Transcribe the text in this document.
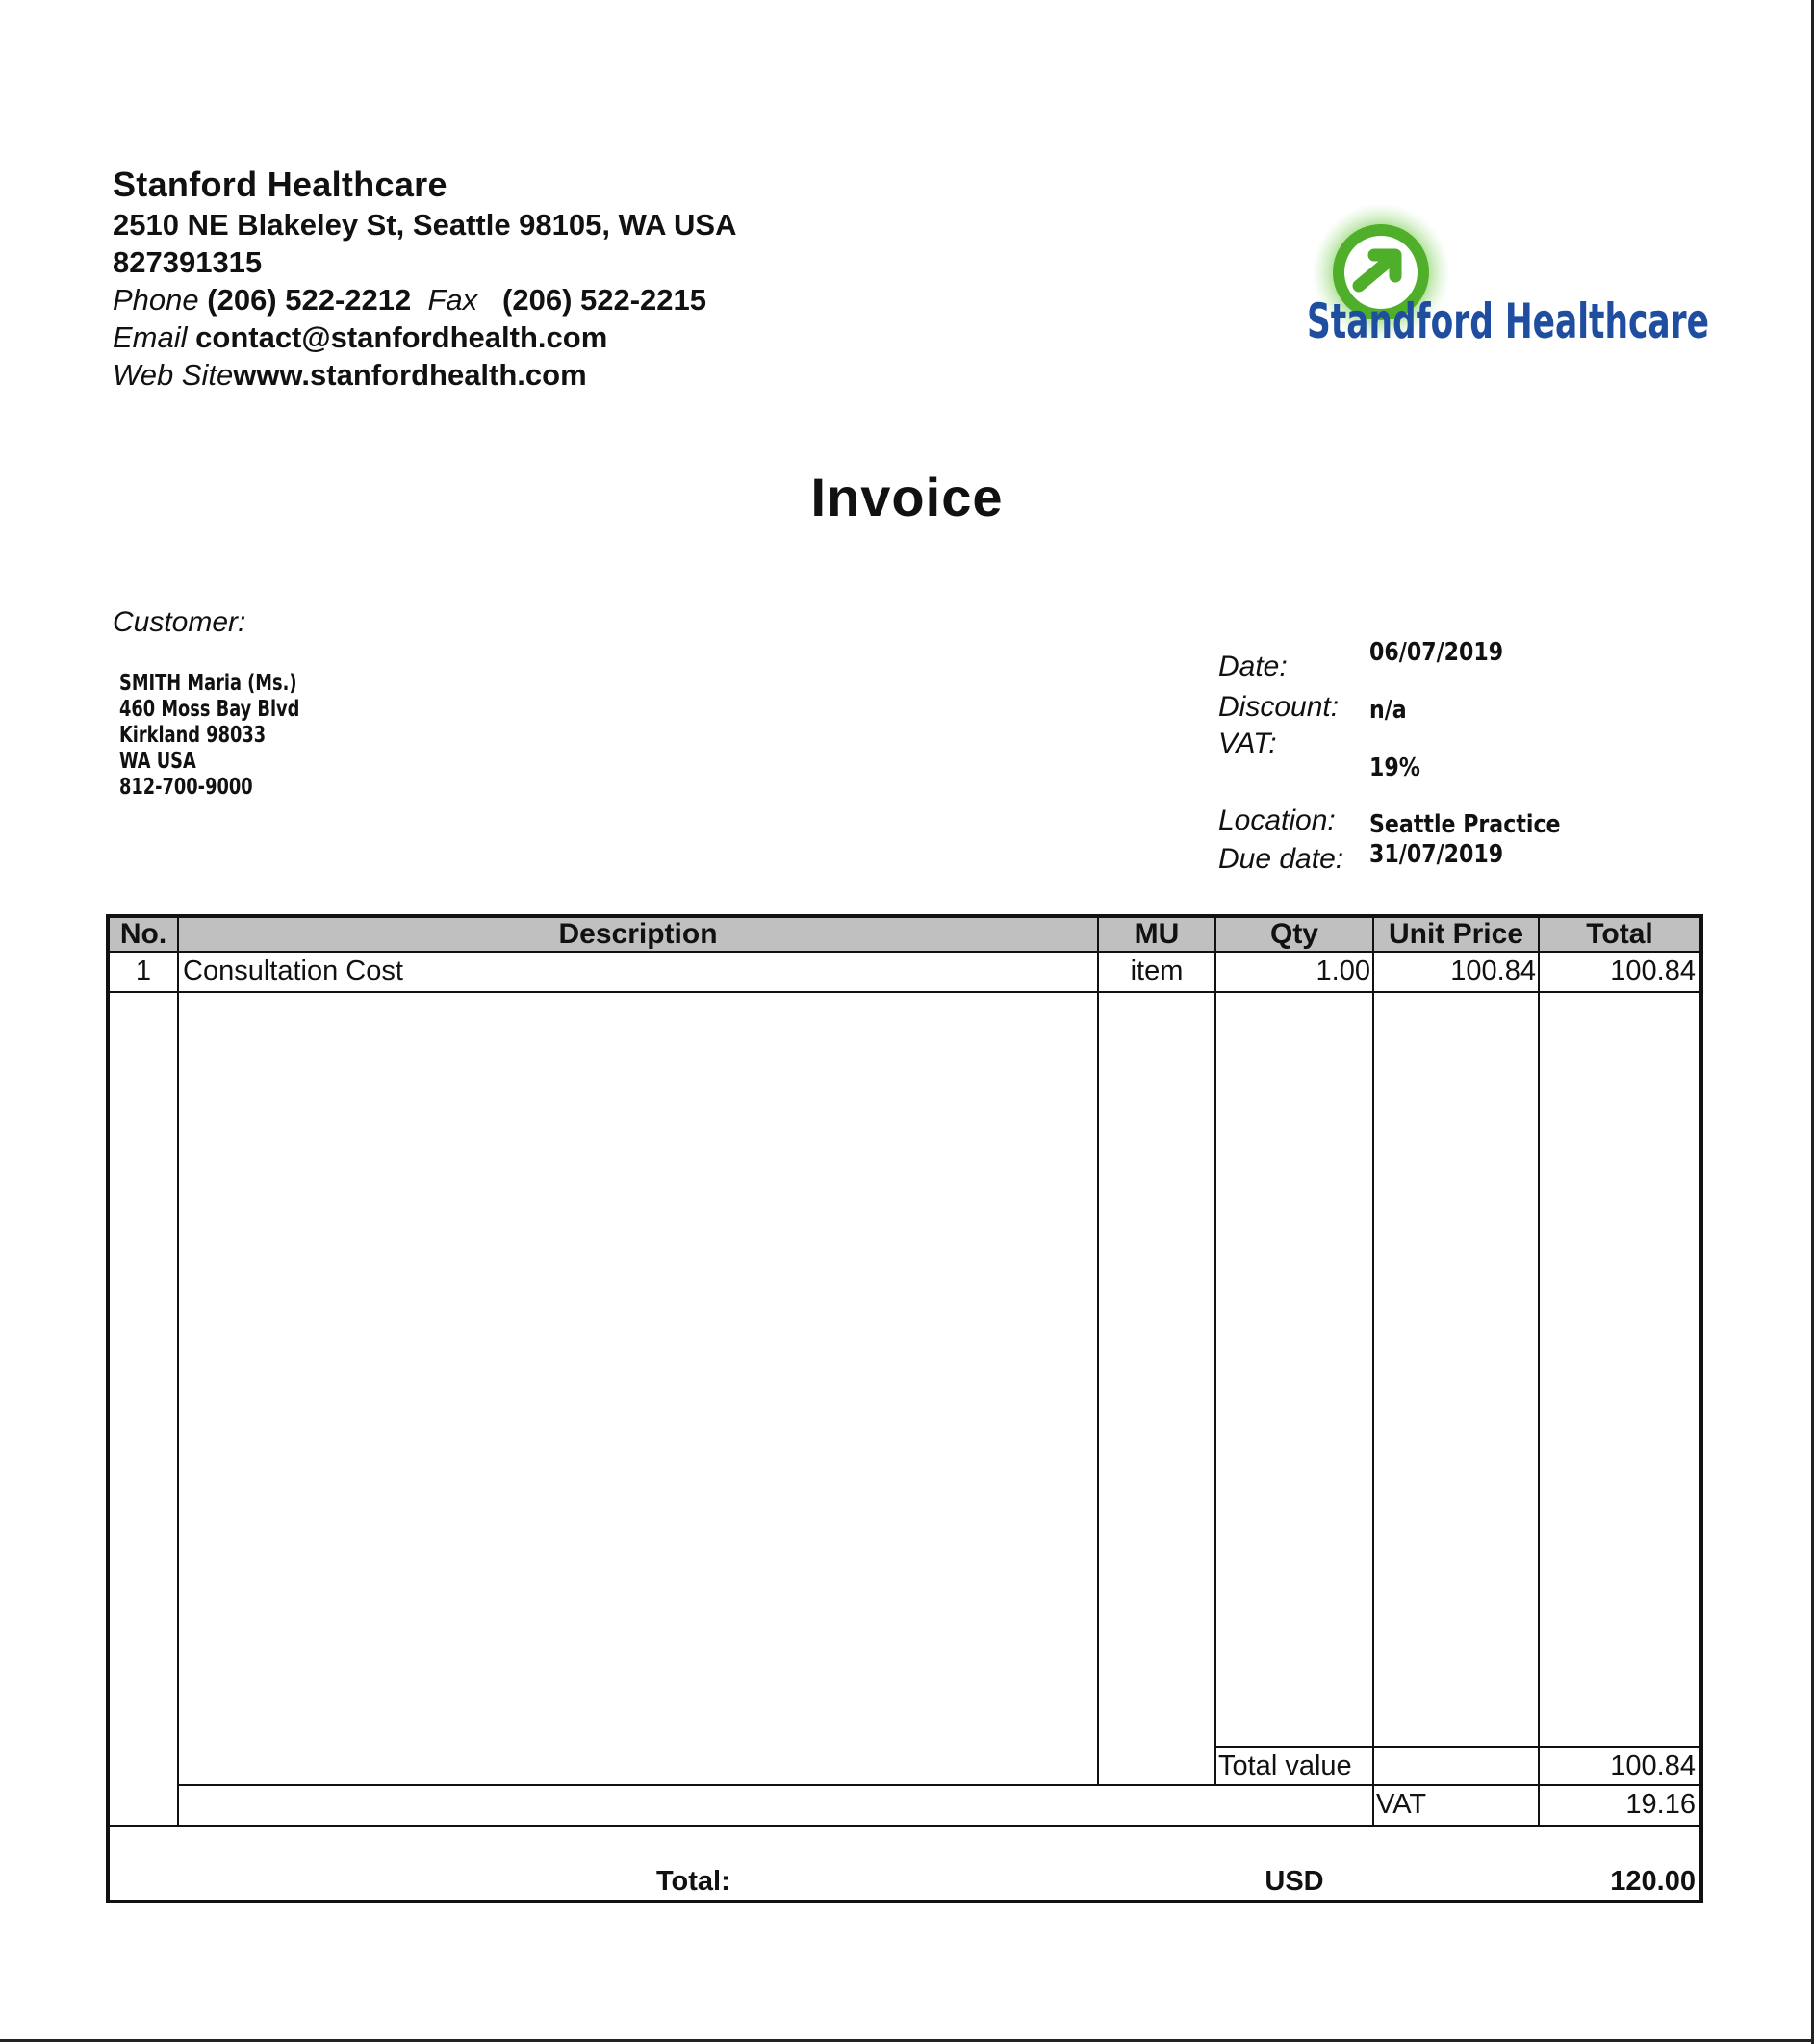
Stanford Healthcare
2510 NE Blakeley St, Seattle 98105, WA USA
827391315
Phone (206) 522-2212 Fax (206) 522-2215
Email contact@stanfordhealth.com
Web Sitewww.stanfordhealth.com
Standford Healthcare
Invoice
Customer:
SMITH Maria (Ms.)
460 Moss Bay Blvd
Kirkland 98033
WA USA
812-700-9000
Date:	06/07/2019
Discount: n/a
VAT:
19%
Location: Seattle Practice
Due date: 31/07/2019
No.	Description	MU	Qty	Unit Price	Total
1	Consultation Cost	item	1.00	100.84	100.84
Total value	100.84
VAT	19.16
Total:	USD	120.00
